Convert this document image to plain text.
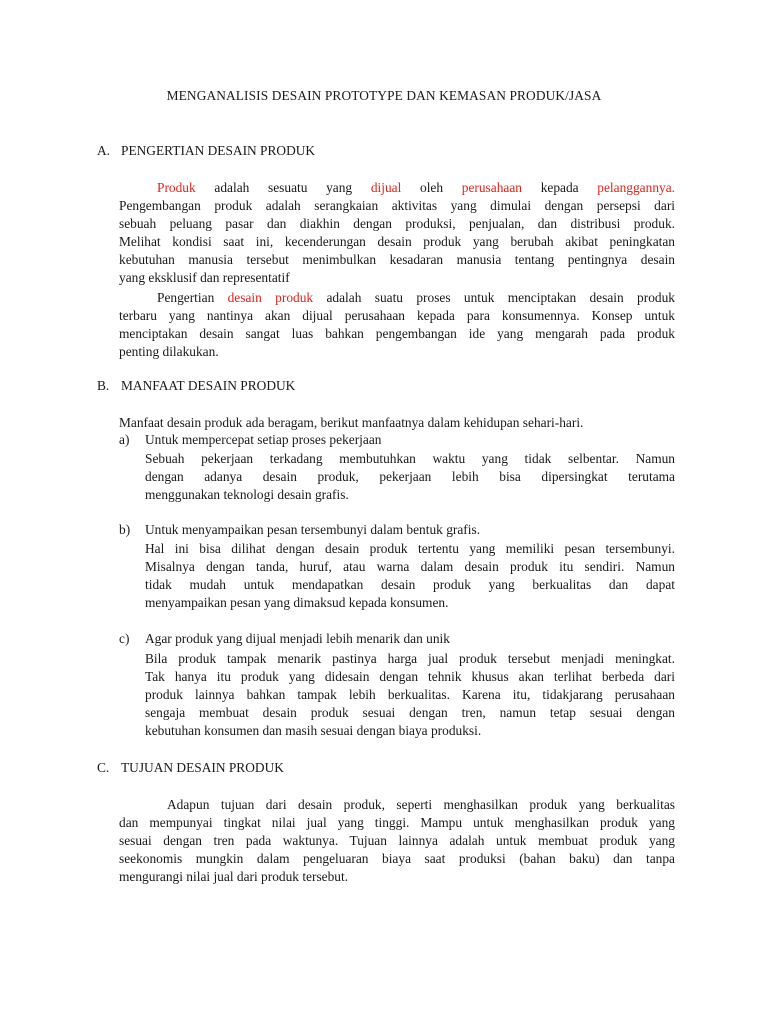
MENGANALISIS DESAIN PROTOTYPE DAN KEMASAN PRODUK/JASA
A. PENGERTIAN DESAIN PRODUK
Produk adalah sesuatu yang dijual oleh perusahaan kepada pelanggannya.
Pengembangan produk adalah serangkaian aktivitas yang dimulai dengan persepsi dari
sebuah peluang pasar dan diakhin dengan produksi, penjualan, dan distribusi produk.
Melihat kondisi saat ini, kecenderungan desain produk yang berubah akibat peningkatan
kebutuhan manusia tersebut menimbulkan kesadaran manusia tentang pentingnya desain
yang eksklusif dan representatif
Pengertian desain produk adalah suatu proses untuk menciptakan desain produk
terbaru yang nantinya akan dijual perusahaan kepada para konsumennya. Konsep untuk
menciptakan desain sangat luas bahkan pengembangan ide yang mengarah pada produk
penting dilakukan.
B. MANFAAT DESAIN PRODUK
Manfaat desain produk ada beragam, berikut manfaatnya dalam kehidupan sehari-hari.
a) Untuk mempercepat setiap proses pekerjaan
Sebuah pekerjaan terkadang membutuhkan waktu yang tidak selbentar. Namun
dengan adanya desain produk, pekerjaan lebih bisa dipersingkat terutama
menggunakan teknologi desain grafis.
b) Untuk menyampaikan pesan tersembunyi dalam bentuk grafis.
Hal ini bisa dilihat dengan desain produk tertentu yang memiliki pesan tersembunyi.
Misalnya dengan tanda, huruf, atau warna dalam desain produk itu sendiri. Namun
tidak mudah untuk mendapatkan desain produk yang berkualitas dan dapat
menyampaikan pesan yang dimaksud kepada konsumen.
c) Agar produk yang dijual menjadi lebih menarik dan unik
Bila produk tampak menarik pastinya harga jual produk tersebut menjadi meningkat.
Tak hanya itu produk yang didesain dengan tehnik khusus akan terlihat berbeda dari
produk lainnya bahkan tampak lebih berkualitas. Karena itu, tidakjarang perusahaan
sengaja membuat desain produk sesuai dengan tren, namun tetap sesuai dengan
kebutuhan konsumen dan masih sesuai dengan biaya produksi.
C. TUJUAN DESAIN PRODUK
Adapun tujuan dari desain produk, seperti menghasilkan produk yang berkualitas
dan mempunyai tingkat nilai jual yang tinggi. Mampu untuk menghasilkan produk yang
sesuai dengan tren pada waktunya. Tujuan lainnya adalah untuk membuat produk yang
seekonomis mungkin dalam pengeluaran biaya saat produksi (bahan baku) dan tanpa
mengurangi nilai jual dari produk tersebut.
